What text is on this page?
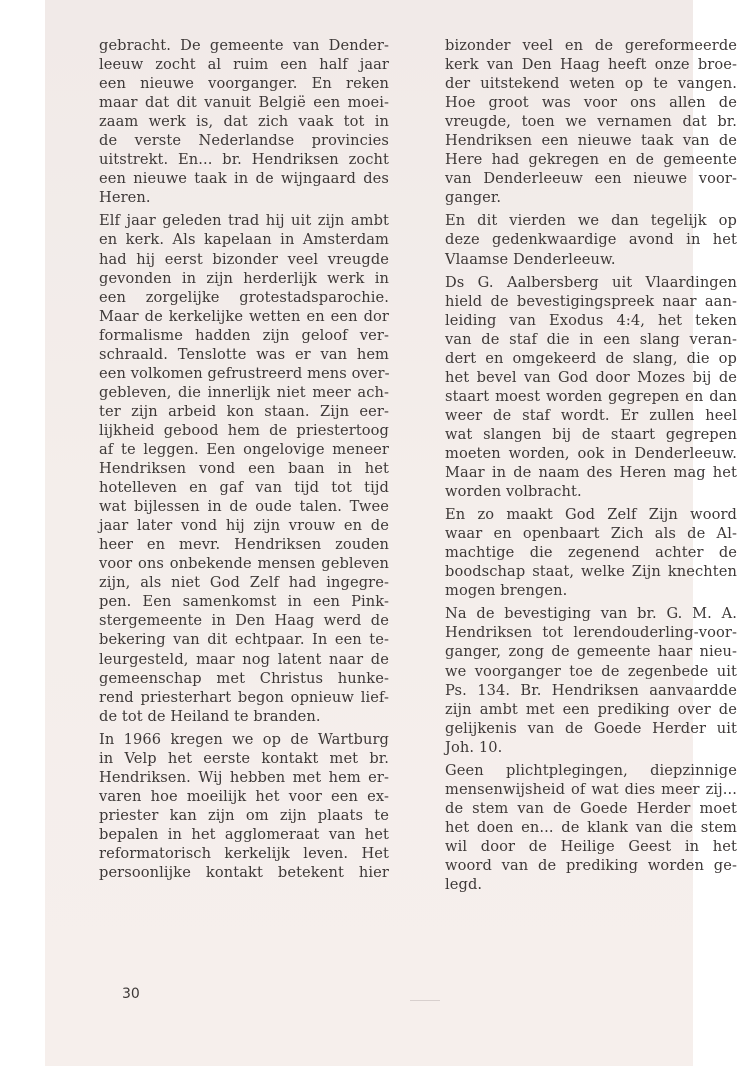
gebracht. De gemeente van Dender-
leeuw zocht al ruim een half jaar
een nieuwe voorganger. En reken
maar dat dit vanuit België een moei-
zaam werk is, dat zich vaak tot in
de verste Nederlandse provincies
uitstrekt. En... br. Hendriksen zocht
een nieuwe taak in de wijngaard des
Heren.
Elf jaar geleden trad hij uit zijn ambt
en kerk. Als kapelaan in Amsterdam
had hij eerst bizonder veel vreugde
gevonden in zijn herderlijk werk in
een zorgelijke grotestadsparochie.
Maar de kerkelijke wetten en een dor
formalisme hadden zijn geloof ver-
schraald. Tenslotte was er van hem
een volkomen gefrustreerd mens over-
gebleven, die innerlijk niet meer ach-
ter zijn arbeid kon staan. Zijn eer-
lijkheid gebood hem de priestertoog
af te leggen. Een ongelovige meneer
Hendriksen vond een baan in het
hotelleven en gaf van tijd tot tijd
wat bijlessen in de oude talen. Twee
jaar later vond hij zijn vrouw en de
heer en mevr. Hendriksen zouden
voor ons onbekende mensen gebleven
zijn, als niet God Zelf had ingegre-
pen. Een samenkomst in een Pink-
stergemeente in Den Haag werd de
bekering van dit echtpaar. In een te-
leurgesteld, maar nog latent naar de
gemeenschap met Christus hunke-
rend priesterhart begon opnieuw lief-
de tot de Heiland te branden.
In 1966 kregen we op de Wartburg
in Velp het eerste kontakt met br.
Hendriksen. Wij hebben met hem er-
varen hoe moeilijk het voor een ex-
priester kan zijn om zijn plaats te
bepalen in het agglomeraat van het
reformatorisch kerkelijk leven. Het
persoonlijke kontakt betekent hier
bizonder veel en de gereformeerde
kerk van Den Haag heeft onze broe-
der uitstekend weten op te vangen.
Hoe groot was voor ons allen de
vreugde, toen we vernamen dat br.
Hendriksen een nieuwe taak van de
Here had gekregen en de gemeente
van Denderleeuw een nieuwe voor-
ganger.
En dit vierden we dan tegelijk op
deze gedenkwaardige avond in het
Vlaamse Denderleeuw.
Ds G. Aalbersberg uit Vlaardingen
hield de bevestigingspreek naar aan-
leiding van Exodus 4:4, het teken
van de staf die in een slang veran-
dert en omgekeerd de slang, die op
het bevel van God door Mozes bij de
staart moest worden gegrepen en dan
weer de staf wordt. Er zullen heel
wat slangen bij de staart gegrepen
moeten worden, ook in Denderleeuw.
Maar in de naam des Heren mag het
worden volbracht.
En zo maakt God Zelf Zijn woord
waar en openbaart Zich als de Al-
machtige die zegenend achter de
boodschap staat, welke Zijn knechten
mogen brengen.
Na de bevestiging van br. G. M. A.
Hendriksen tot lerendouderling-voor-
ganger, zong de gemeente haar nieu-
we voorganger toe de zegenbede uit
Ps. 134. Br. Hendriksen aanvaardde
zijn ambt met een prediking over de
gelijkenis van de Goede Herder uit
Joh. 10.
Geen plichtplegingen, diepzinnige
mensenwijsheid of wat dies meer zij...
de stem van de Goede Herder moet
het doen en... de klank van die stem
wil door de Heilige Geest in het
woord van de prediking worden ge-
legd.
30
